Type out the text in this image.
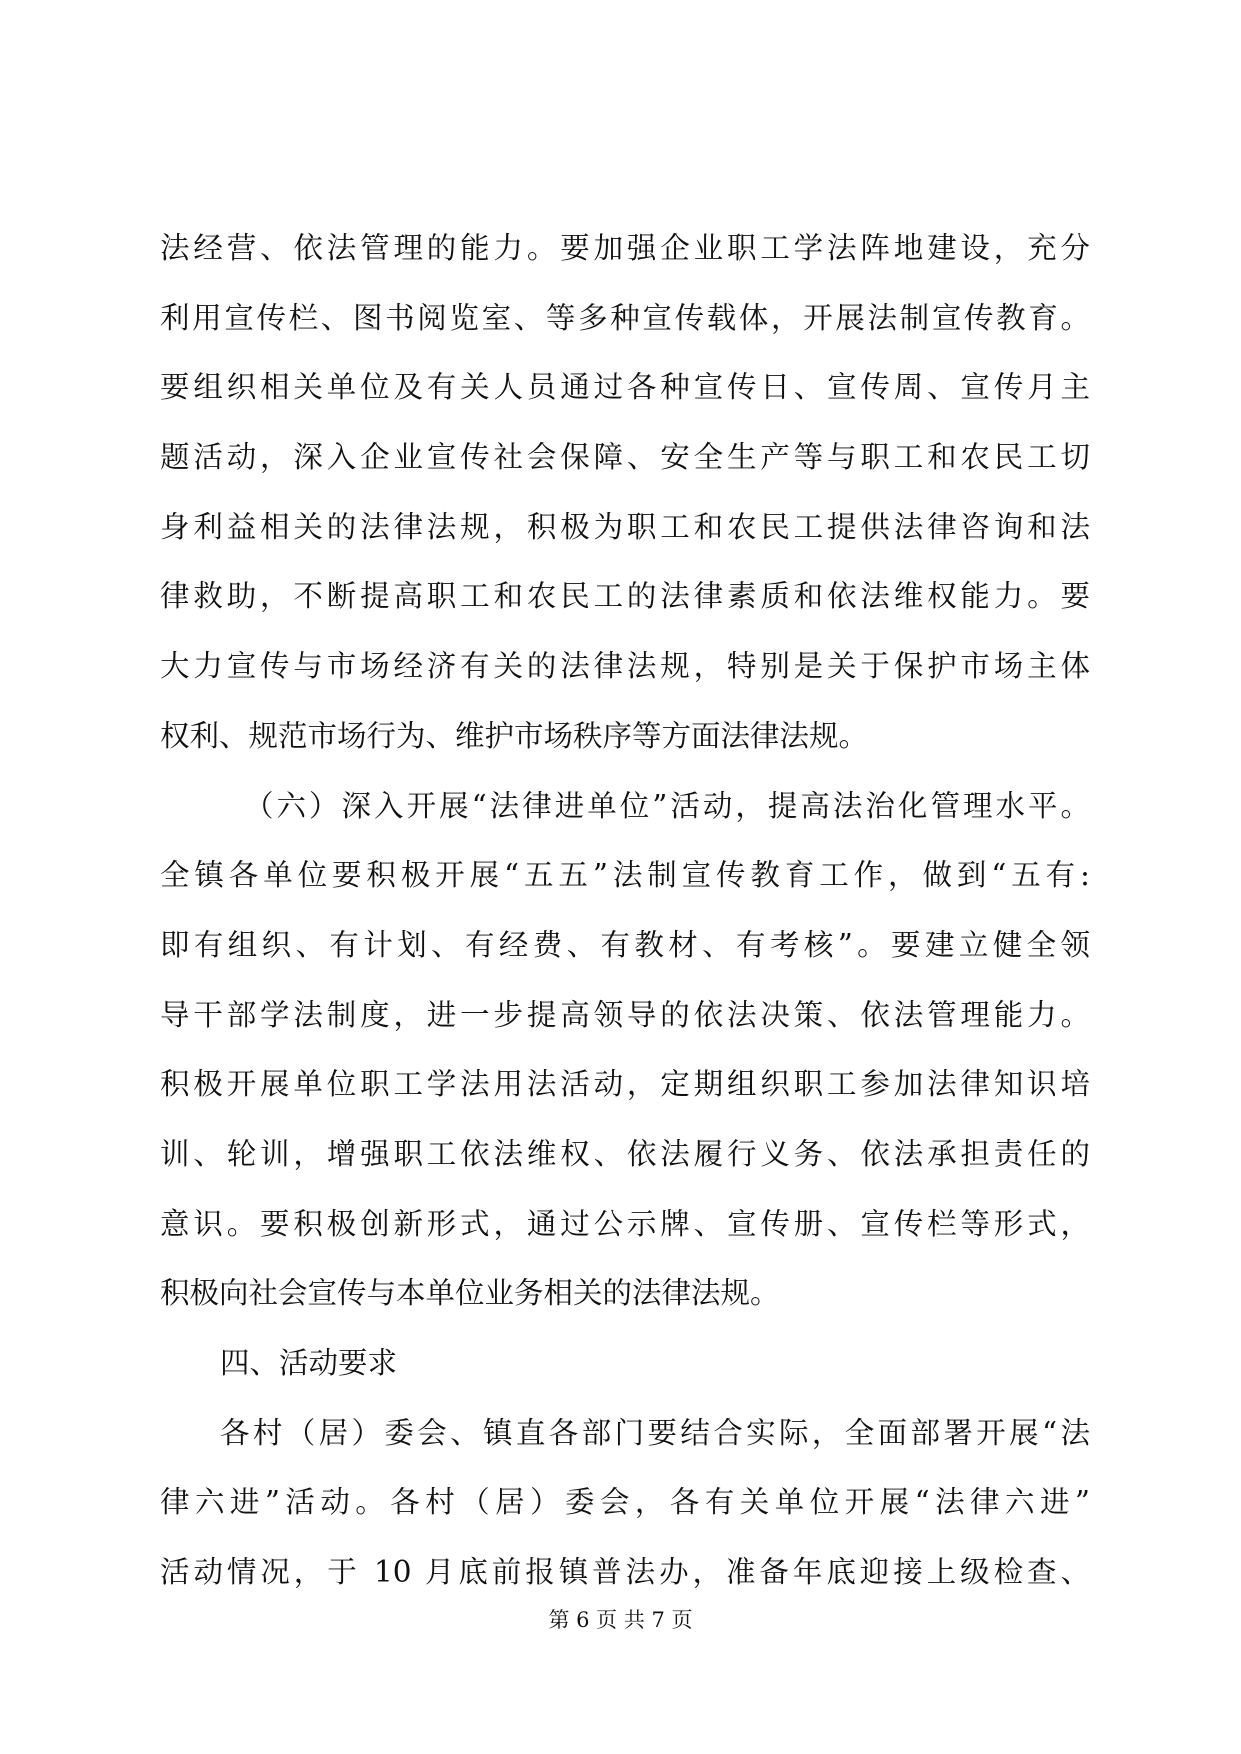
法经营、依法管理的能力。要加强企业职工学法阵地建设，充分
利用宣传栏、图书阅览室、等多种宣传载体，开展法制宣传教育。
要组织相关单位及有关人员通过各种宣传日、宣传周、宣传月主
题活动，深入企业宣传社会保障、安全生产等与职工和农民工切
身利益相关的法律法规，积极为职工和农民工提供法律咨询和法
律救助，不断提高职工和农民工的法律素质和依法维权能力。要
大力宣传与市场经济有关的法律法规，特别是关于保护市场主体
权利、规范市场行为、维护市场秩序等方面法律法规。
（六）深入开展“法律进单位”活动，提高法治化管理水平。
全镇各单位要积极开展“五五”法制宣传教育工作，做到“五有:
即有组织、有计划、有经费、有教材、有考核”。要建立健全领
导干部学法制度，进一步提高领导的依法决策、依法管理能力。
积极开展单位职工学法用法活动，定期组织职工参加法律知识培
训、轮训，增强职工依法维权、依法履行义务、依法承担责任的
意识。要积极创新形式，通过公示牌、宣传册、宣传栏等形式，
积极向社会宣传与本单位业务相关的法律法规。
四、活动要求
各村（居）委会、镇直各部门要结合实际，全面部署开展“法
律六进”活动。各村（居）委会，各有关单位开展“法律六进”
活动情况，于 10 月底前报镇普法办，准备年底迎接上级检查、
第 6 页 共 7 页
